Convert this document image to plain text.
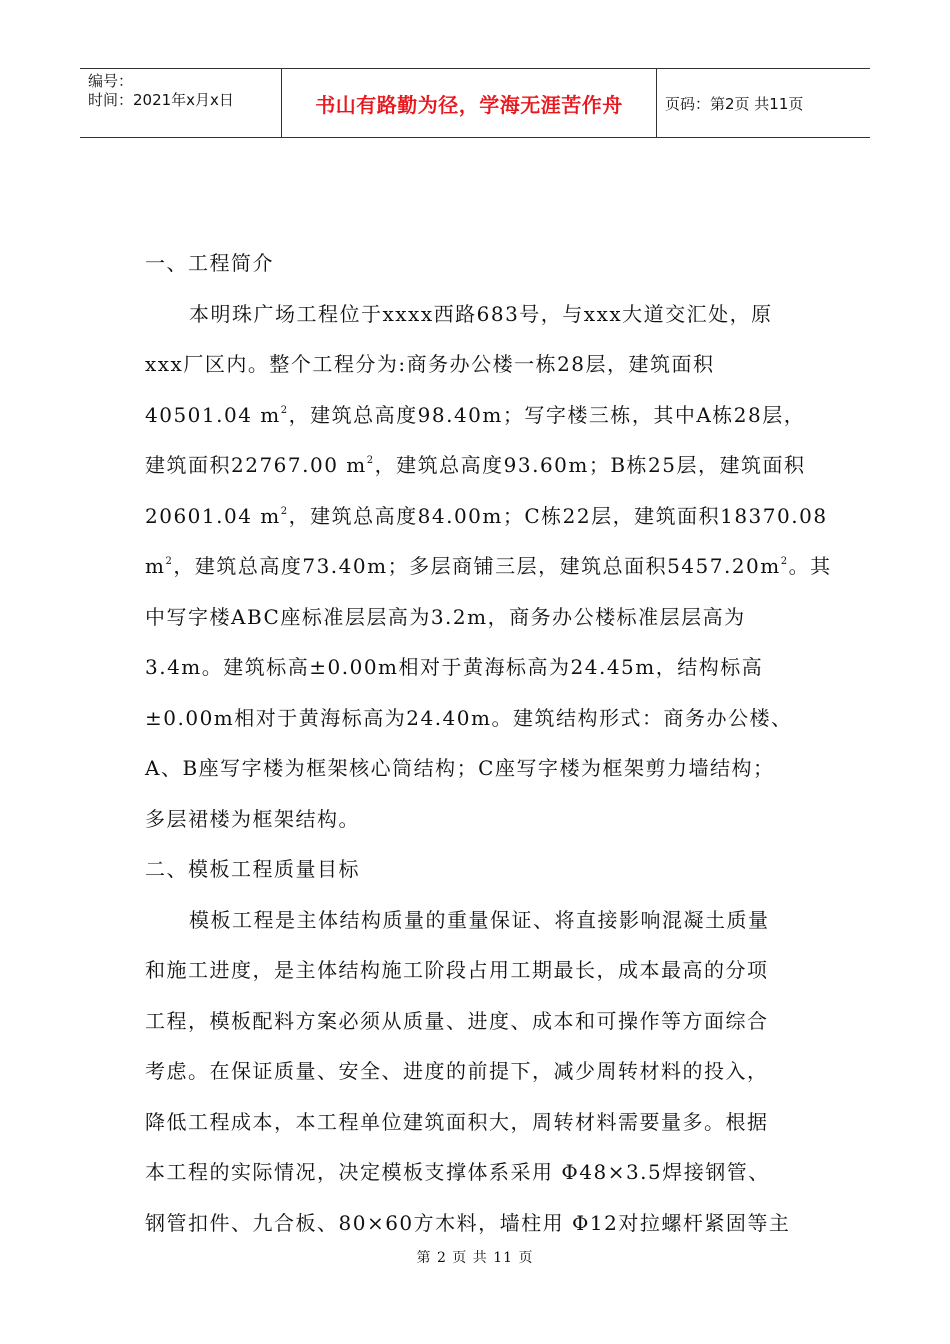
编号：
时间：2021年x月x日	书山有路勤为径，学海无涯苦作舟	页码：第2页 共11页
一、工程简介
本明珠广场工程位于xxxx西路683号，与xxx大道交汇处，原
xxx厂区内。整个工程分为:商务办公楼一栋28层，建筑面积
40501.04 $m^2$，建筑总高度98.40m；写字楼三栋，其中A栋28层，
建筑面积22767.00 $m^2$，建筑总高度93.60m；B栋25层，建筑面积
20601.04 $m^2$，建筑总高度84.00m；C栋22层，建筑面积18370.08
$m^2$，建筑总高度73.40m；多层商铺三层，建筑总面积$5457.20m^2$。其
中写字楼ABC座标准层层高为3.2m，商务办公楼标准层层高为
3.4m。建筑标高±0.00m相对于黄海标高为24.45m，结构标高
±0.00m相对于黄海标高为24.40m。建筑结构形式：商务办公楼、
A、B座写字楼为框架核心筒结构；C座写字楼为框架剪力墙结构；
多层裙楼为框架结构。
二、模板工程质量目标
模板工程是主体结构质量的重量保证、将直接影响混凝土质量
和施工进度，是主体结构施工阶段占用工期最长，成本最高的分项
工程，模板配料方案必须从质量、进度、成本和可操作等方面综合
考虑。在保证质量、安全、进度的前提下，减少周转材料的投入，
降低工程成本，本工程单位建筑面积大，周转材料需要量多。根据
本工程的实际情况，决定模板支撑体系采用 Φ48×3.5焊接钢管、
钢管扣件、九合板、80×60方木料，墙柱用 Φ12对拉螺杆紧固等主
第 2 页 共 11 页
